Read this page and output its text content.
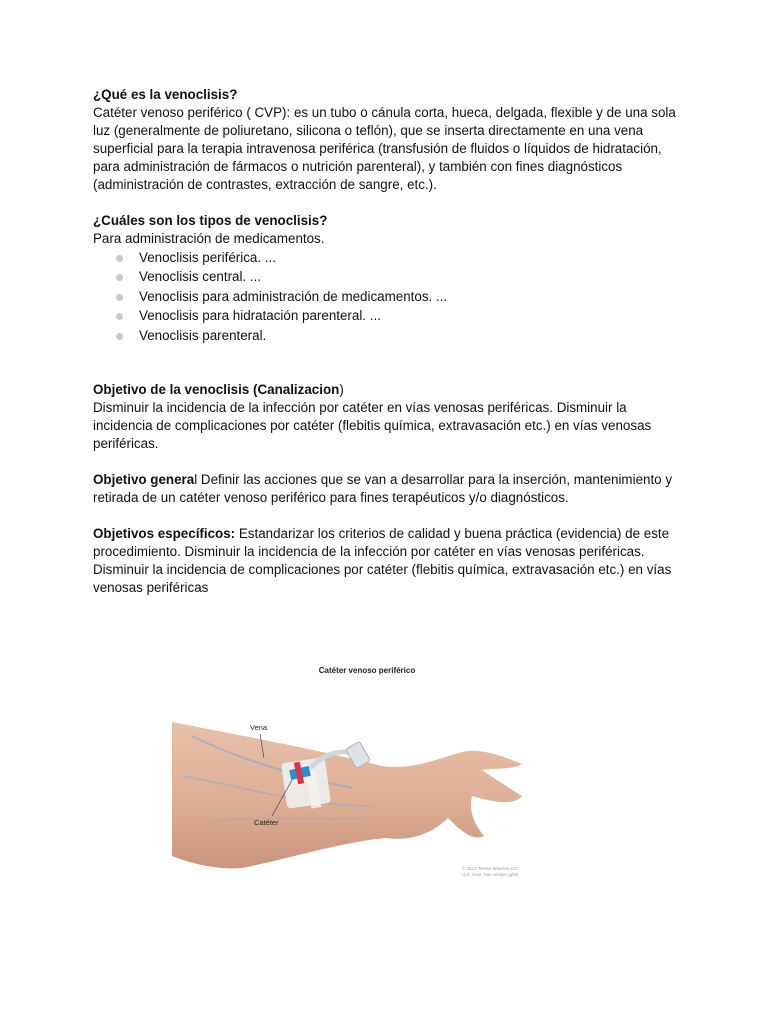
¿Qué es la venoclisis?

Catéter venoso periférico ( CVP): es un tubo o cánula corta, hueca, delgada, flexible y de una sola luz (generalmente de poliuretano, silicona o teflón), que se inserta directamente en una vena superficial para la terapia intravenosa periférica (transfusión de fluidos o líquidos de hidratación, para administración de fármacos o nutrición parenteral), y también con fines diagnósticos (administración de contrastes, extracción de sangre, etc.).

¿Cuáles son los tipos de venoclisis?

Para administración de medicamentos.

Venoclisis periférica. ...
Venoclisis central. ...
Venoclisis para administración de medicamentos. ...
Venoclisis para hidratación parenteral. ...
Venoclisis parenteral.

Objetivo de la venoclisis (Canalizacion)

Disminuir la incidencia de la infección por catéter en vías venosas periféricas. Disminuir la incidencia de complicaciones por catéter (flebitis química, extravasación etc.) en vías venosas periféricas.

Objetivo general Definir las acciones que se van a desarrollar para la inserción, mantenimiento y retirada de un catéter venoso periférico para fines terapéuticos y/o diagnósticos.

Objetivos específicos: Estandarizar los criterios de calidad y buena práctica (evidencia) de este procedimiento. Disminuir la incidencia de la infección por catéter en vías venosas periféricas. Disminuir la incidencia de complicaciones por catéter (flebitis química, extravasación etc.) en vías venosas periféricas

Catéter venoso periférico
Vena
Catéter
© 2013 Terese Winslow LLC
U.S. Govt. has certain rights
